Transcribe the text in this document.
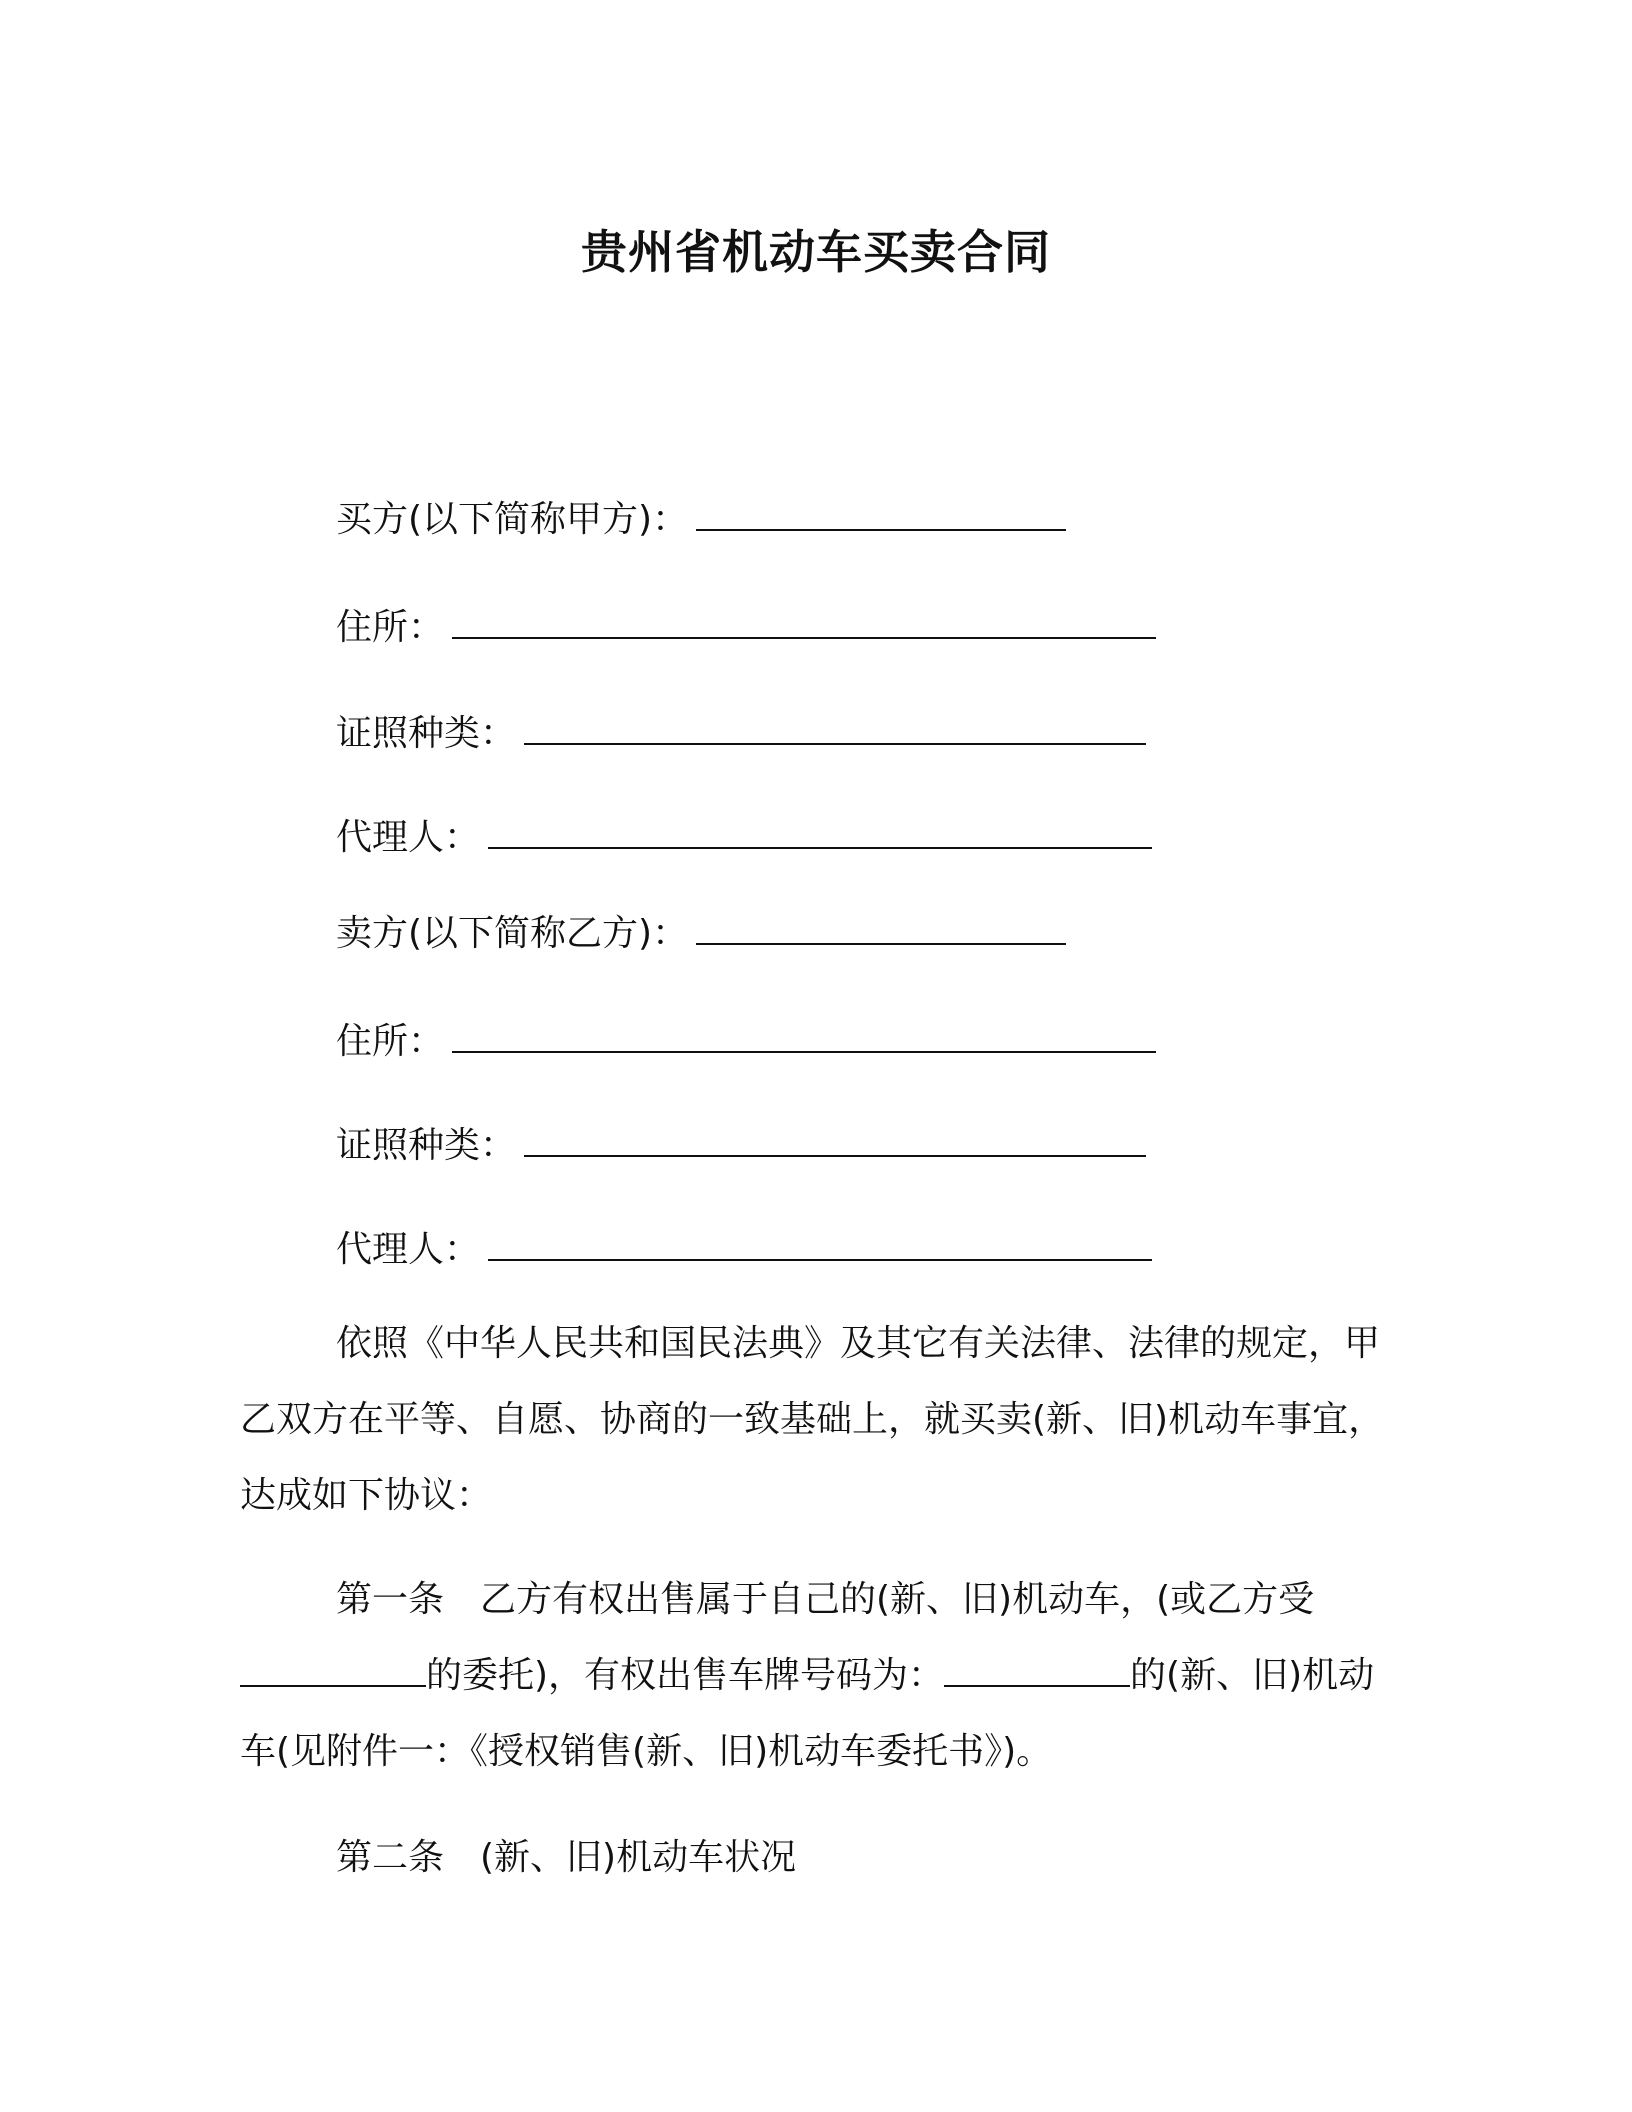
贵州省机动车买卖合同
买方(以下简称甲方)：
住所：
证照种类：
代理人：
卖方(以下简称乙方)：
住所：
证照种类：
代理人：

依照《中华人民共和国民法典》及其它有关法律、法律的规定，甲乙双方在平等、自愿、协商的一致基础上，就买卖(新、旧)机动车事宜，达成如下协议：

第一条　乙方有权出售属于自己的(新、旧)机动车，(或乙方受的委托)，有权出售车牌号码为：	的(新、旧)机动车(见附件一：《授权销售(新、旧)机动车委托书》)。

第二条　(新、旧)机动车状况
